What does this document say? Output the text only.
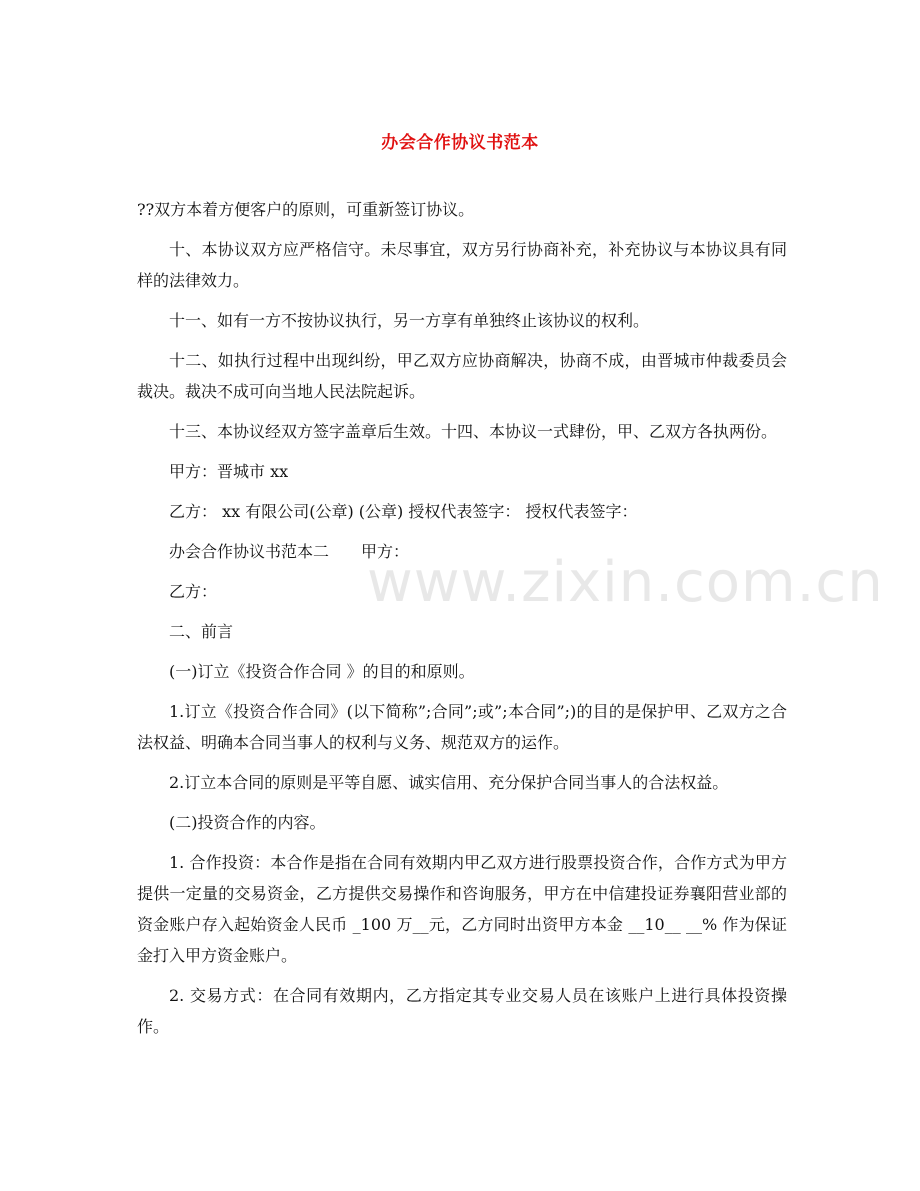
办会合作协议书范本

??双方本着方便客户的原则，可重新签订协议。

十、本协议双方应严格信守。未尽事宜，双方另行协商补充，补充协议与本协议具有同样的法律效力。

十一、如有一方不按协议执行，另一方享有单独终止该协议的权利。

十二、如执行过程中出现纠纷，甲乙双方应协商解决，协商不成，由晋城市仲裁委员会裁决。裁决不成可向当地人民法院起诉。

十三、本协议经双方签字盖章后生效。十四、本协议一式肆份，甲、乙双方各执两份。

甲方：晋城市 xx

乙方： xx 有限公司(公章) (公章) 授权代表签字： 授权代表签字：

办会合作协议书范本二　　甲方：

乙方：

二、前言

(一)订立《投资合作合同 》的目的和原则。

1.订立《投资合作合同》(以下简称”;合同”;或”;本合同”;)的目的是保护甲、乙双方之合法权益、明确本合同当事人的权利与义务、规范双方的运作。

2.订立本合同的原则是平等自愿、诚实信用、充分保护合同当事人的合法权益。

(二)投资合作的内容。

1. 合作投资：本合作是指在合同有效期内甲乙双方进行股票投资合作，合作方式为甲方提供一定量的交易资金，乙方提供交易操作和咨询服务，甲方在中信建投证券襄阳营业部的资金账户存入起始资金人民币 _100 万__元，乙方同时出资甲方本金 __10__ __% 作为保证金打入甲方资金账户。

2. 交易方式：在合同有效期内，乙方指定其专业交易人员在该账户上进行具体投资操作。

www.zixin.com.cn
